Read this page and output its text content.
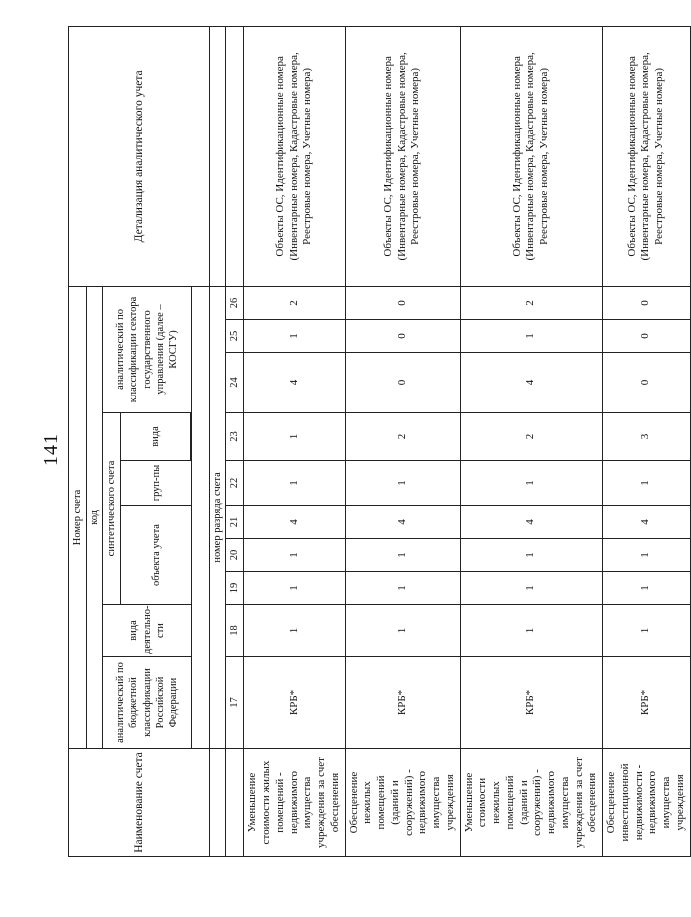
141
Наименование счета	Номер счета										Детализация аналитического учета
	код										
	аналитический по бюджетной классификации Российской Федерации	вида деятельно-сти	синтетического счета					аналитический по классификации сектора государственного управления (далее – КОСГУ)			
			объекта учета			груп-пы	вида				

	номер разряда счета										
	17	18	19	20	21	22	23	24	25	26	
Уменьшение стоимости жилых помещений - недвижимого имущества учреждения за счет обесценения	КРБ*	1	1	1	4	1	1	4	1	2	Объекты ОС, Идентификационные номера (Инвентарные номера, Кадастровые номера, Реестровые номера, Учетные номера)
Обесценение нежилых помещений (зданий и сооружений) - недвижимого имущества учреждения	КРБ*	1	1	1	4	1	2	0	0	0	Объекты ОС, Идентификационные номера (Инвентарные номера, Кадастровые номера, Реестровые номера, Учетные номера)
Уменьшение стоимости нежилых помещений (зданий и сооружений) - недвижимого имущества учреждения за счет обесценения	КРБ*	1	1	1	4	1	2	4	1	2	Объекты ОС, Идентификационные номера (Инвентарные номера, Кадастровые номера, Реестровые номера, Учетные номера)
Обесценение инвестиционной недвижимости - недвижимого имущества учреждения	КРБ*	1	1	1	4	1	3	0	0	0	Объекты ОС, Идентификационные номера (Инвентарные номера, Кадастровые номера, Реестровые номера, Учетные номера)
